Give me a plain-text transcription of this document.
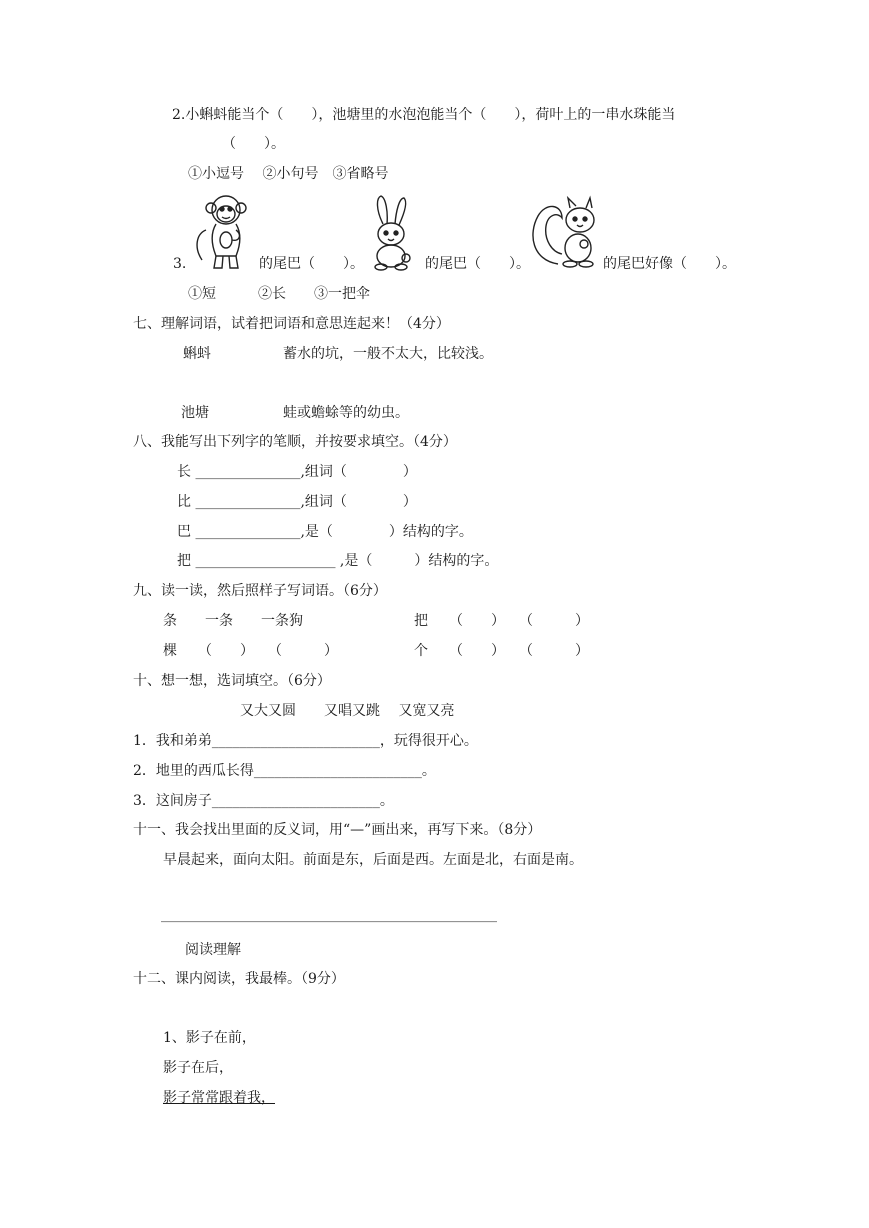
2.小蝌蚪能当个（　　），池塘里的水泡泡能当个（　　），荷叶上的一串水珠能当
（　　）。
①小逗号　 ②小句号　③省略号
3.	的尾巴（　　）。	的尾巴（　　）。	的尾巴好像（　　）。
①短　　　②长　　③一把伞
七、理解词语，试着把词语和意思连起来！（4分）
蝌蚪	蓄水的坑，一般不太大，比较浅。
池塘	蛙或蟾蜍等的幼虫。
八、我能写出下列字的笔顺，并按要求填空。（4分）
长 _______________,组词（　　　　）
比 _______________,组词（　　　　）
巴 _______________,是（　　　　）结构的字。
把 ____________________ ,是（　　　）结构的字。
九、读一读，然后照样子写词语。（6分）
条　　一条　　一条狗	把　　（　　）　　（　　　）
棵　　（　　）　　（　　　）	个　　（　　）　　（　　　）
十、想一想，选词填空。（6分）
又大又圆　　又唱又跳　 又宽又亮
1．我和弟弟________________________，玩得很开心。
2．地里的西瓜长得________________________。
3．这间房子________________________。
十一、我会找出里面的反义词，用“—”画出来，再写下来。（8分）
早晨起来，面向太阳。前面是东，后面是西。左面是北，右面是南。
________________________________________________
阅读理解
十二、课内阅读，我最棒。（9分）
1、影子在前，
影子在后，
影子常常跟着我，
